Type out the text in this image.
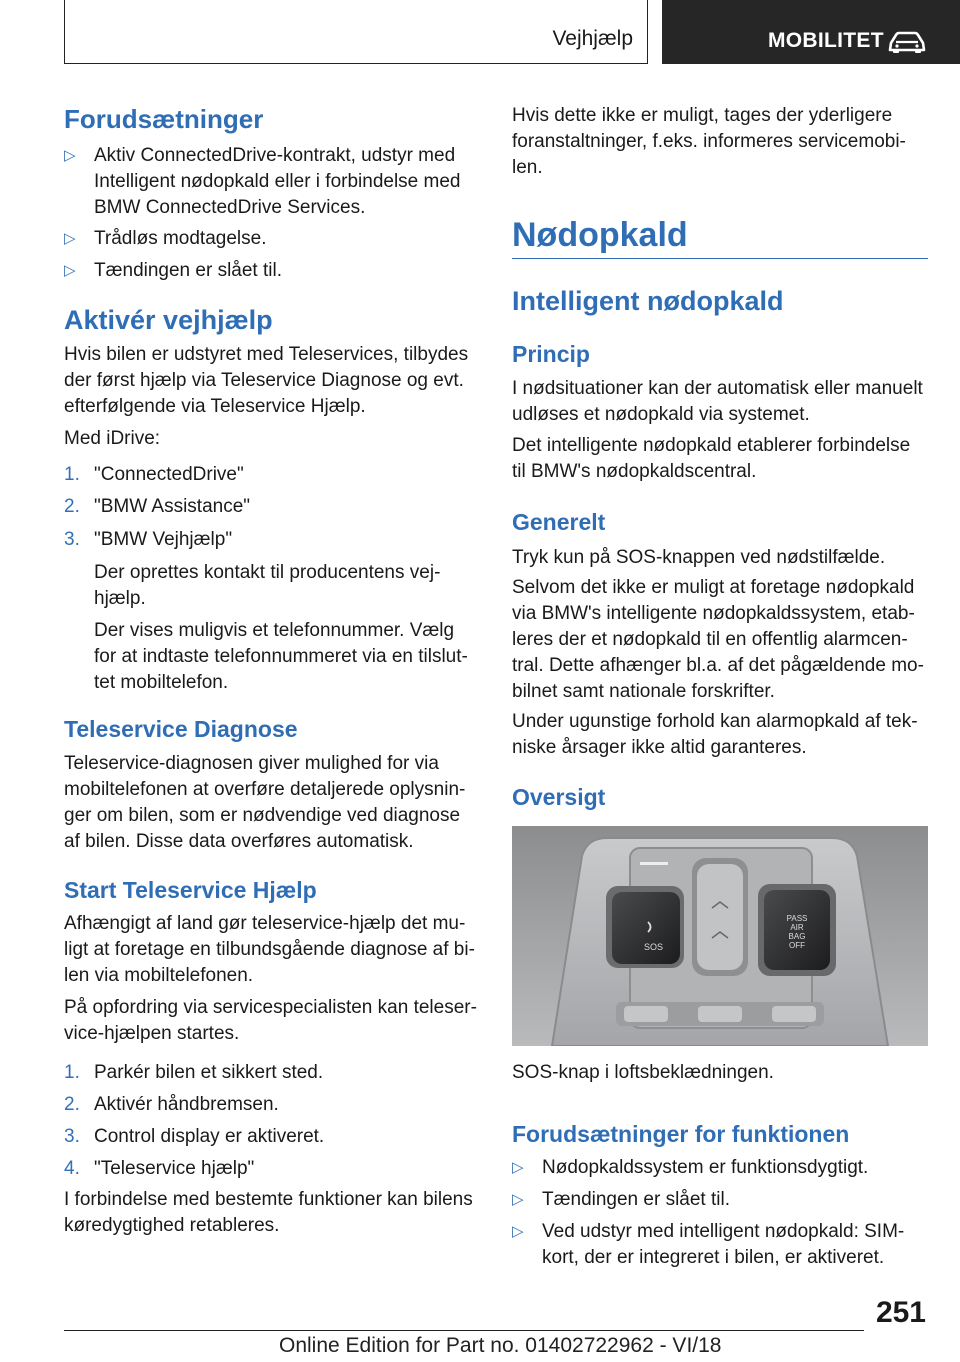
Vejhjælp	MOBILITET
Forudsætninger
▷ Aktiv ConnectedDrive-kontrakt, udstyr med Intelligent nødopkald eller i forbindelse med BMW ConnectedDrive Services.
▷ Trådløs modtagelse.
▷ Tændingen er slået til.
Aktivér vejhjælp

Hvis bilen er udstyret med Teleservices, tilbydes der først hjælp via Teleservice Diagnose og evt. efterfølgende via Teleservice Hjælp.

Med iDrive:

1. "ConnectedDrive"
2. "BMW Assistance"
3. "BMW Vejhjælp"

Der oprettes kontakt til producentens vej-hjælp.

Der vises muligvis et telefonnummer. Vælg for at indtaste telefonnummeret via en tilslut-tet mobiltelefon.

Teleservice Diagnose

Teleservice-diagnosen giver mulighed for via mobiltelefonen at overføre detaljerede oplysnin-ger om bilen, som er nødvendige ved diagnose af bilen. Disse data overføres automatisk.

Start Teleservice Hjælp

Afhængigt af land gør teleservice-hjælp det mu-ligt at foretage en tilbundsgående diagnose af bi-len via mobiltelefonen.

På opfordring via servicespecialisten kan teleser-vice-hjælpen startes.

1. Parkér bilen et sikkert sted.
2. Aktivér håndbremsen.
3. Control display er aktiveret.
4. "Teleservice hjælp"

I forbindelse med bestemte funktioner kan bilens køredygtighed retableres.

Hvis dette ikke er muligt, tages der yderligere foranstaltninger, f.eks. informeres servicemobi-len.

Nødopkald
Intelligent nødopkald
Princip

I nødsituationer kan der automatisk eller manuelt udløses et nødopkald via systemet.

Det intelligente nødopkald etablerer forbindelse til BMW's nødopkaldscentral.

Generelt

Tryk kun på SOS-knappen ved nødstilfælde.

Selvom det ikke er muligt at foretage nødopkald via BMW's intelligente nødopkaldssystem, etab-leres der et nødopkald til en offentlig alarmcen-tral. Dette afhænger bl.a. af det pågældende mo-bilnet samt nationale forskrifter.

Under ugunstige forhold kan alarmopkald af tek-niske årsager ikke altid garanteres.

Oversigt

SOS-knap i loftsbeklædningen.

Forudsætninger for funktionen
▷ Nødopkaldssystem er funktionsdygtigt.
▷ Tændingen er slået til.
▷ Ved udstyr med intelligent nødopkald: SIM-kort, der er integreret i bilen, er aktiveret.
SOS
PASS AIR BAG OFF
251
Online Edition for Part no. 01402722962 - VI/18
